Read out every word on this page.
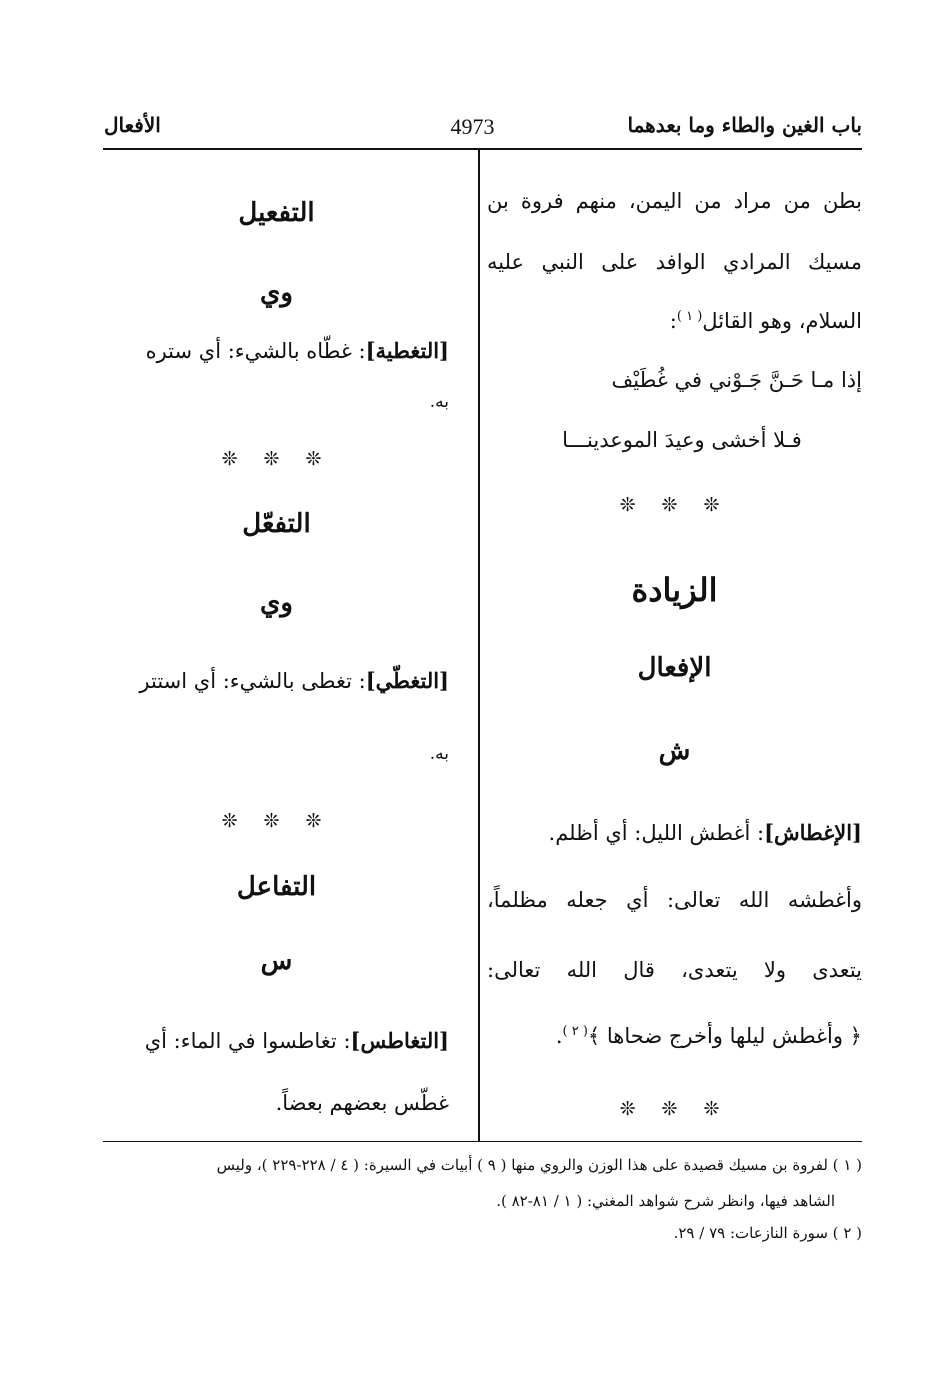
باب الغين والطاء وما بعدهما
4973
الأفعال
بطن من مراد من اليمن، منهم فروة بن
مسيك المرادي الوافد على النبي عليه
السلام، وهو القائل$^{( ١ )}$:
إذا مـا حَـنَّ جَـوْني في غُطَيْف
فـلا أخشى وعيدَ الموعدينـــا
❊ ❊ ❊
الزيادة
الإفعال
ش
[الإغطاش]: أغطش الليل: أي أظلم.
وأغطشه الله تعالى: أي جعله مظلماً،
يتعدى ولا يتعدى، قال الله تعالى:
﴿ وأغطش ليلها وأخرج ضحاها ﴾$^{( ٢ )}$.
❊ ❊ ❊
التفعيل
وي
[التغطية]: غطّاه بالشيء: أي ستره
به.
❊ ❊ ❊
التفعّل
وي
[التغطّي]: تغطى بالشيء: أي استتر
به.
❊ ❊ ❊
التفاعل
س
[التغاطس]: تغاطسوا في الماء: أي
غطّس بعضهم بعضاً.
( ١ ) لفروة بن مسيك قصيدة على هذا الوزن والروي منها ( ٩ ) أبيات في السيرة: ( ٤ / ٢٢٨-٢٢٩ )، وليس
الشاهد فيها، وانظر شرح شواهد المغني: ( ١ / ٨١-٨٢ ).
( ٢ ) سورة النازعات: ٧٩ / ٢٩.
